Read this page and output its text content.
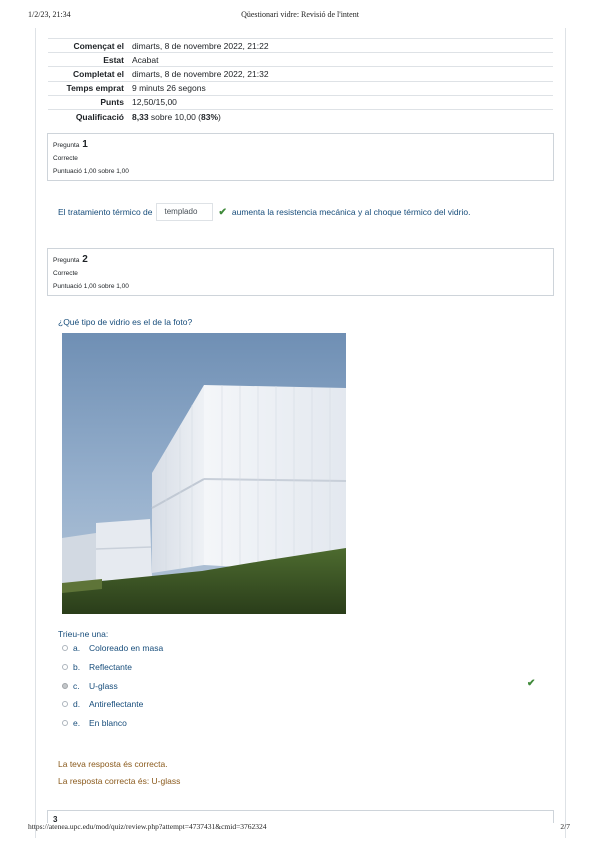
1/2/23, 21:34	Qüestionari vidre: Revisió de l'intent
Començat el	dimarts, 8 de novembre 2022, 21:22
Estat	Acabat
Completat el	dimarts, 8 de novembre 2022, 21:32
Temps emprat	9 minuts 26 segons
Punts	12,50/15,00
Qualificació	8,33 sobre 10,00 (83%)
Pregunta 1
Correcte
Puntuació 1,00 sobre 1,00
El tratamiento térmico de	templado	✔ aumenta la resistencia mecánica y al choque térmico del vidrio.
Pregunta 2
Correcte
Puntuació 1,00 sobre 1,00
¿Qué tipo de vidrio es el de la foto?
Trieu-ne una:
a.	Coloreado en masa
b.	Reflectante
c.	U-glass
d.	Antireflectante
e.	En blanco
✔
La teva resposta és correcta.
La resposta correcta és: U-glass
3
https://atenea.upc.edu/mod/quiz/review.php?attempt=4737431&cmid=3762324	2/7
